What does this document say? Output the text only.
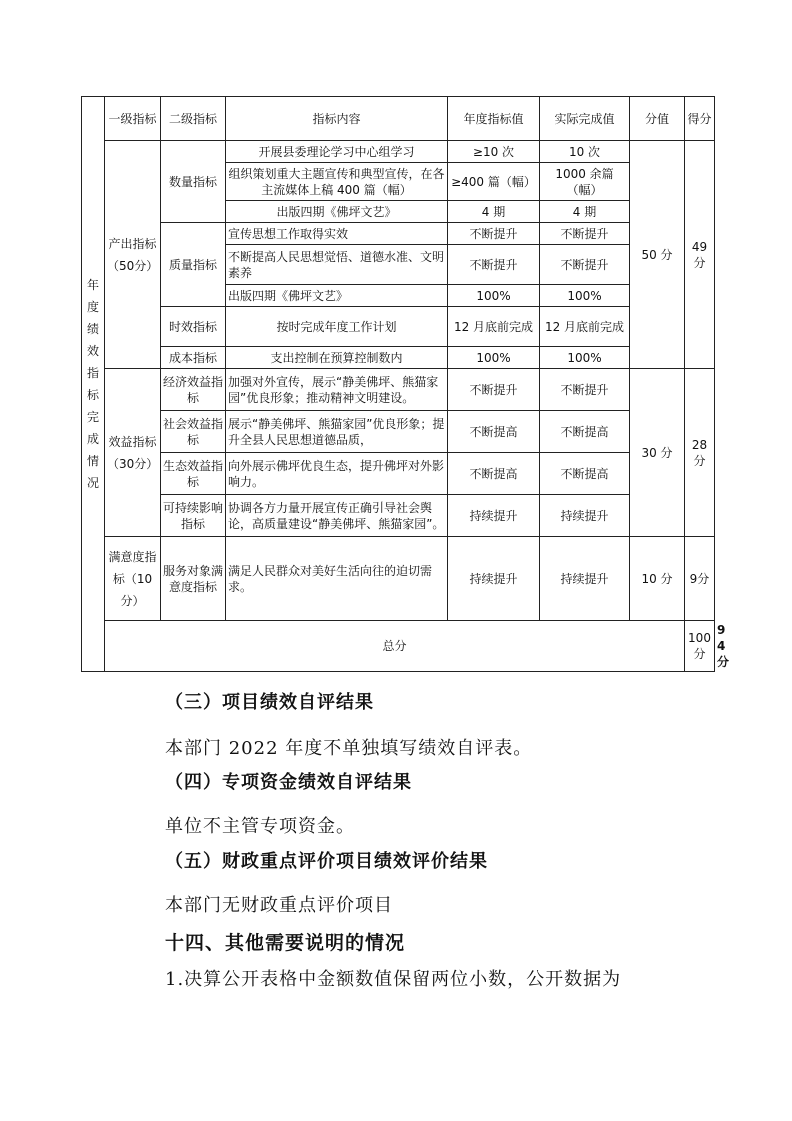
年度绩效指标完成情况	一级指标	二级指标	指标内容	年度指标值	实际完成值	分值	得分	
	产出指标（50分）	数量指标	开展县委理论学习中心组学习	≥10 次	10 次	50 分	49分	
			组织策划重大主题宣传和典型宣传，在各主流媒体上稿 400 篇（幅）	≥400 篇（幅）	1000 余篇（幅）			
			出版四期《佛坪文艺》	4 期	4 期			
		质量指标	宣传思想工作取得实效	不断提升	不断提升			
			不断提高人民思想觉悟、道德水准、文明素养	不断提升	不断提升			
			出版四期《佛坪文艺》	100%	100%			
		时效指标	按时完成年度工作计划	12 月底前完成	12 月底前完成			
		成本指标	支出控制在预算控制数内	100%	100%			
	效益指标（30分）	经济效益指标	加强对外宣传，展示“静美佛坪、熊猫家园”优良形象；推动精神文明建设。	不断提升	不断提升	30 分	28分	
		社会效益指标	展示“静美佛坪、熊猫家园”优良形象；提升全县人民思想道德品质，	不断提高	不断提高			
		生态效益指标	向外展示佛坪优良生态，提升佛坪对外影响力。	不断提高	不断提高			
		可持续影响指标	协调各方力量开展宣传正确引导社会舆论，高质量建设“静美佛坪、熊猫家园”。	持续提升	持续提升			
	满意度指标（10分）	服务对象满意度指标	满足人民群众对美好生活向往的迫切需求。	持续提升	持续提升	10 分	9分	
	总分						100 分	94分
（三）项目绩效自评结果
本部门 2022 年度不单独填写绩效自评表。
（四）专项资金绩效自评结果
单位不主管专项资金。
（五）财政重点评价项目绩效评价结果
本部门无财政重点评价项目
十四、其他需要说明的情况
1.决算公开表格中金额数值保留两位小数，公开数据为
